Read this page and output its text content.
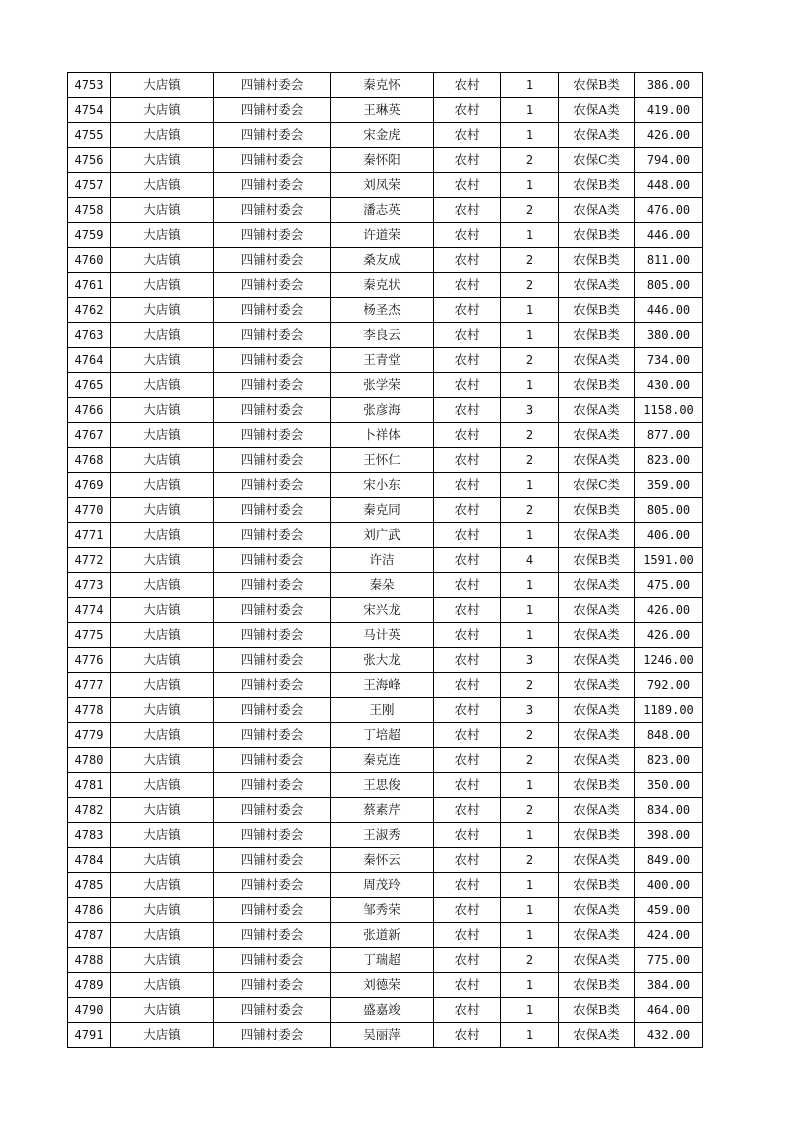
4753	大店镇	四铺村委会	秦克怀	农村	1	农保B类	386.00
4754	大店镇	四铺村委会	王琳英	农村	1	农保A类	419.00
4755	大店镇	四铺村委会	宋金虎	农村	1	农保A类	426.00
4756	大店镇	四铺村委会	秦怀阳	农村	2	农保C类	794.00
4757	大店镇	四铺村委会	刘凤荣	农村	1	农保B类	448.00
4758	大店镇	四铺村委会	潘志英	农村	2	农保A类	476.00
4759	大店镇	四铺村委会	许道荣	农村	1	农保B类	446.00
4760	大店镇	四铺村委会	桑友成	农村	2	农保B类	811.00
4761	大店镇	四铺村委会	秦克状	农村	2	农保A类	805.00
4762	大店镇	四铺村委会	杨圣杰	农村	1	农保B类	446.00
4763	大店镇	四铺村委会	李良云	农村	1	农保B类	380.00
4764	大店镇	四铺村委会	王青堂	农村	2	农保A类	734.00
4765	大店镇	四铺村委会	张学荣	农村	1	农保B类	430.00
4766	大店镇	四铺村委会	张彦海	农村	3	农保A类	1158.00
4767	大店镇	四铺村委会	卜祥体	农村	2	农保A类	877.00
4768	大店镇	四铺村委会	王怀仁	农村	2	农保A类	823.00
4769	大店镇	四铺村委会	宋小东	农村	1	农保C类	359.00
4770	大店镇	四铺村委会	秦克同	农村	2	农保B类	805.00
4771	大店镇	四铺村委会	刘广武	农村	1	农保A类	406.00
4772	大店镇	四铺村委会	许洁	农村	4	农保B类	1591.00
4773	大店镇	四铺村委会	秦朵	农村	1	农保A类	475.00
4774	大店镇	四铺村委会	宋兴龙	农村	1	农保A类	426.00
4775	大店镇	四铺村委会	马计英	农村	1	农保A类	426.00
4776	大店镇	四铺村委会	张大龙	农村	3	农保A类	1246.00
4777	大店镇	四铺村委会	王海峰	农村	2	农保A类	792.00
4778	大店镇	四铺村委会	王刚	农村	3	农保A类	1189.00
4779	大店镇	四铺村委会	丁培超	农村	2	农保A类	848.00
4780	大店镇	四铺村委会	秦克连	农村	2	农保A类	823.00
4781	大店镇	四铺村委会	王思俊	农村	1	农保B类	350.00
4782	大店镇	四铺村委会	蔡素芹	农村	2	农保A类	834.00
4783	大店镇	四铺村委会	王淑秀	农村	1	农保B类	398.00
4784	大店镇	四铺村委会	秦怀云	农村	2	农保A类	849.00
4785	大店镇	四铺村委会	周茂玲	农村	1	农保B类	400.00
4786	大店镇	四铺村委会	邹秀荣	农村	1	农保A类	459.00
4787	大店镇	四铺村委会	张道新	农村	1	农保A类	424.00
4788	大店镇	四铺村委会	丁瑞超	农村	2	农保A类	775.00
4789	大店镇	四铺村委会	刘德荣	农村	1	农保B类	384.00
4790	大店镇	四铺村委会	盛嘉竣	农村	1	农保B类	464.00
4791	大店镇	四铺村委会	吴丽萍	农村	1	农保A类	432.00
